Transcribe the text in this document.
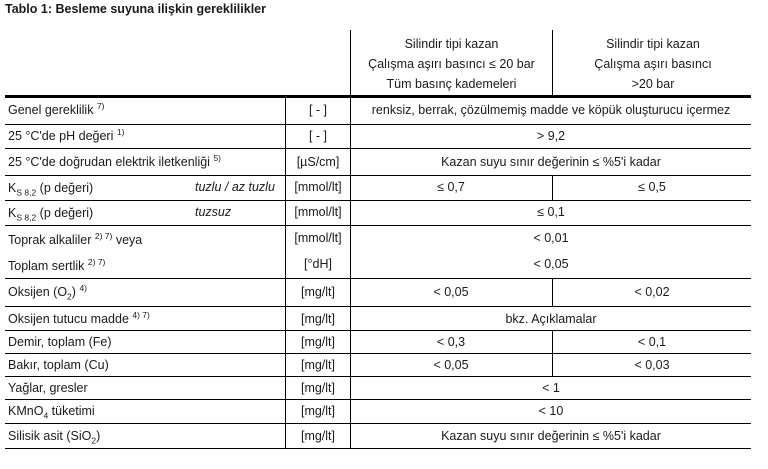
Tablo 1: Besleme suyuna ilişkin gereklilikler
Silindir tipi kazan
Çalışma aşırı basıncı ≤ 20 bar
Tüm basınç kademeleri
Silindir tipi kazan
Çalışma aşırı basıncı
>20 bar
Genel gereklilik $^{7)}$	[ - ]	renksiz, berrak, çözülmemiş madde ve köpük oluşturucu içermez
25 °C'de pH değeri $^{1)}$	[ - ]	> 9,2
25 °C'de doğrudan elektrik iletkenliği $^{5)}$	[µS/cm]	Kazan suyu sınır değerinin ≤ %5'i kadar
$K_{S 8,2}$ (p değeri)	tuzlu / az tuzlu	[mmol/lt]	≤ 0,7	≤ 0,5
$K_{S 8,2}$ (p değeri)	tuzsuz	[mmol/lt]	≤ 0,1
Toprak alkaliler $^{2) 7)}$ veya	[mmol/lt]	< 0,01
Toplam sertlik $^{2) 7)}$	[°dH]	< 0,05
Oksijen $(O_2)$ $^{4)}$	[mg/lt]	< 0,05	< 0,02
Oksijen tutucu madde $^{4) 7)}$	[mg/lt]	bkz. Açıklamalar
Demir, toplam (Fe)	[mg/lt]	< 0,3	< 0,1
Bakır, toplam (Cu)	[mg/lt]	< 0,05	< 0,03
Yağlar, gresler	[mg/lt]	< 1
KMnO$_4$ tüketimi	[mg/lt]	< 10
Silisik asit (SiO$_2$)	[mg/lt]	Kazan suyu sınır değerinin ≤ %5'i kadar
